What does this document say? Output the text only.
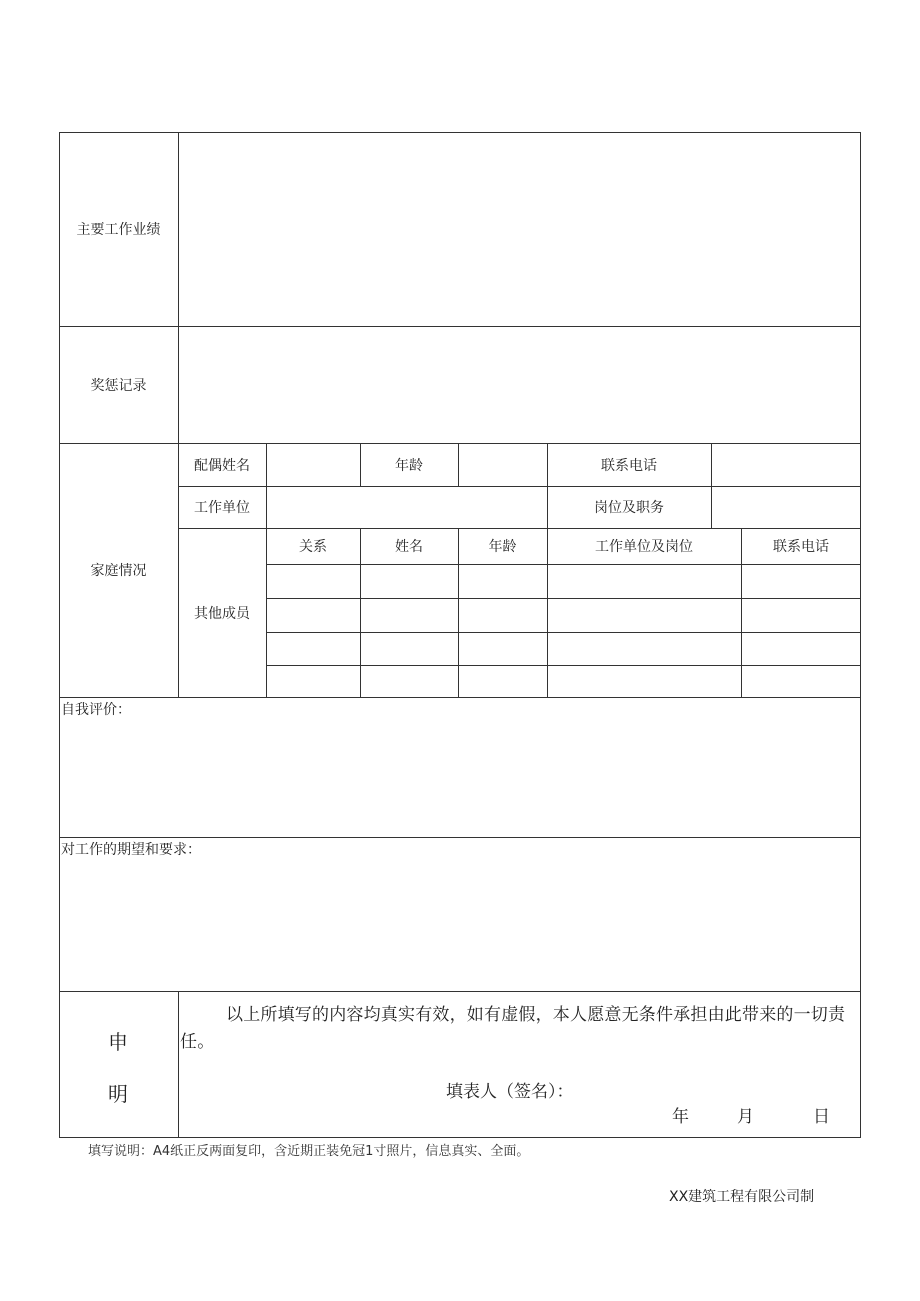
主要工作业绩
奖惩记录
家庭情况
配偶姓名	年龄	联系电话
工作单位	岗位及职务
其他成员
关系	姓名	年龄	工作单位及岗位	联系电话
自我评价：
对工作的期望和要求：
申
明
以上所填写的内容均真实有效，如有虚假，本人愿意无条件承担由此带来的一切责任。
填表人（签名）：
年	月	日
填写说明：A4纸正反两面复印，含近期正装免冠1寸照片，信息真实、全面。
XX建筑工程有限公司制
